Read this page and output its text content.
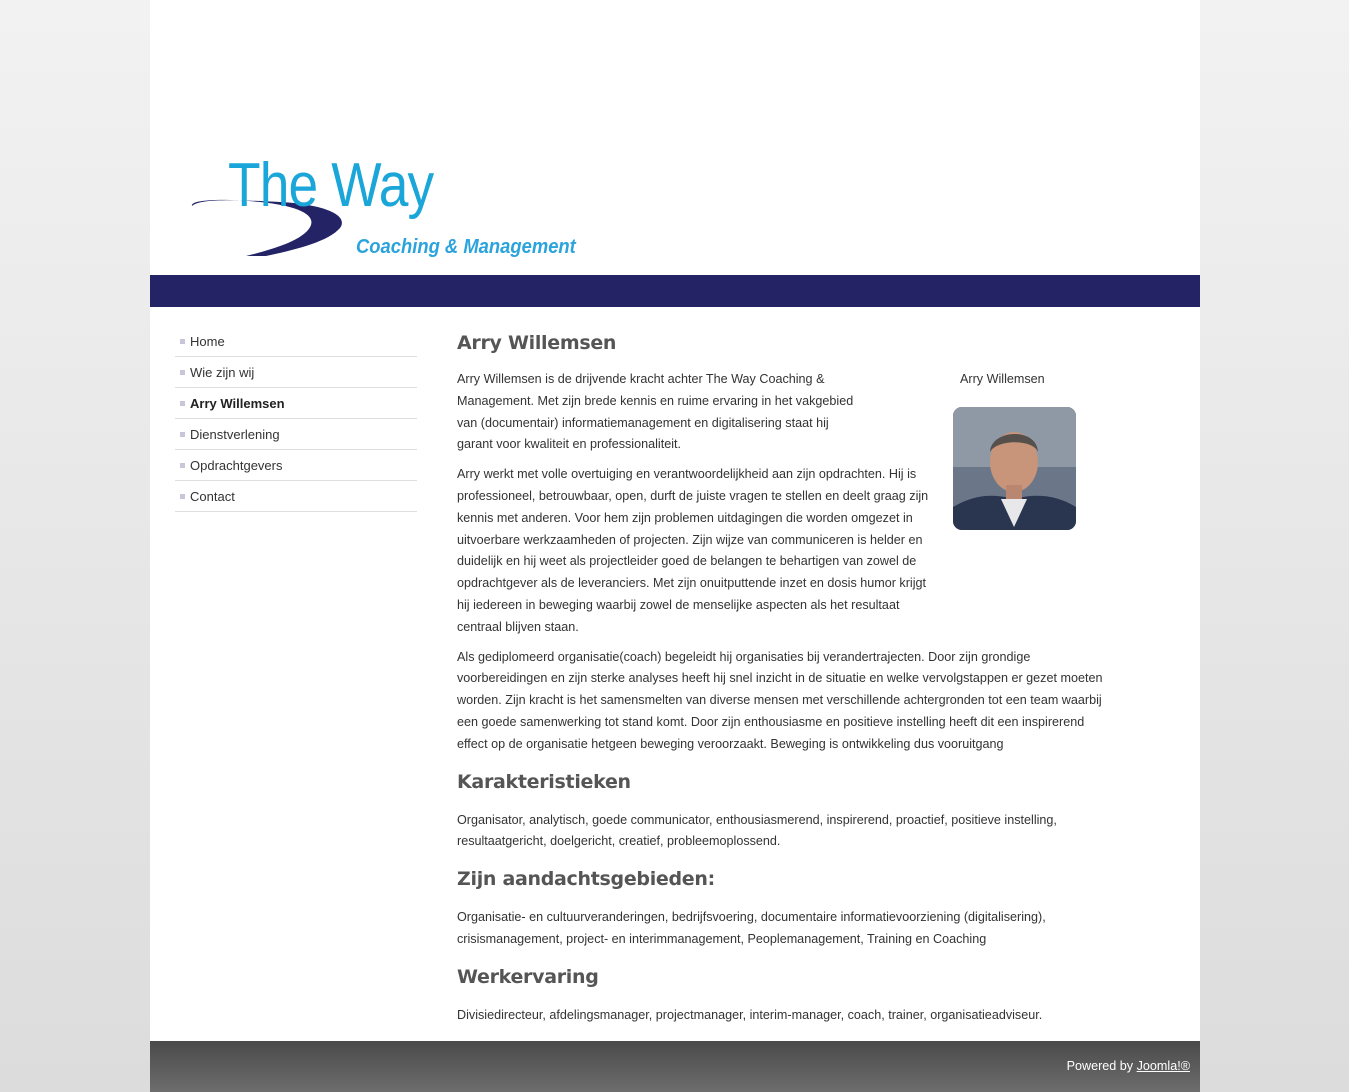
The Way
Coaching & Management
Home
Wie zijn wij
Arry Willemsen
Dienstverlening
Opdrachtgevers
Contact
Arry Willemsen
Arry Willemsen

Arry Willemsen is de drijvende kracht achter The Way Coaching & Management. Met zijn brede kennis en ruime ervaring in het vakgebied van (documentair) informatiemanagement en digitalisering staat hij garant voor kwaliteit en professionaliteit.

Arry werkt met volle overtuiging en verantwoordelijkheid aan zijn opdrachten. Hij is professioneel, betrouwbaar, open, durft de juiste vragen te stellen en deelt graag zijn kennis met anderen. Voor hem zijn problemen uitdagingen die worden omgezet in uitvoerbare werkzaamheden of projecten. Zijn wijze van communiceren is helder en duidelijk en hij weet als projectleider goed de belangen te behartigen van zowel de opdrachtgever als de leveranciers. Met zijn onuitputtende inzet en dosis humor krijgt hij iedereen in beweging waarbij zowel de menselijke aspecten als het resultaat centraal blijven staan.

Als gediplomeerd organisatie(coach) begeleidt hij organisaties bij verandertrajecten. Door zijn grondige voorbereidingen en zijn sterke analyses heeft hij snel inzicht in de situatie en welke vervolgstappen er gezet moeten worden. Zijn kracht is het samensmelten van diverse mensen met verschillende achtergronden tot een team waarbij een goede samenwerking tot stand komt. Door zijn enthousiasme en positieve instelling heeft dit een inspirerend effect op de organisatie hetgeen beweging veroorzaakt. Beweging is ontwikkeling dus vooruitgang

Karakteristieken

Organisator, analytisch, goede communicator, enthousiasmerend, inspirerend, proactief, positieve instelling, resultaatgericht, doelgericht, creatief, probleemoplossend.

Zijn aandachtsgebieden:

Organisatie- en cultuurveranderingen, bedrijfsvoering, documentaire informatievoorziening (digitalisering), crisismanagement, project- en interimmanagement, Peoplemanagement, Training en Coaching

Werkervaring

Divisiedirecteur, afdelingsmanager, projectmanager, interim-manager, coach, trainer, organisatieadviseur.

Powered by Joomla!®
